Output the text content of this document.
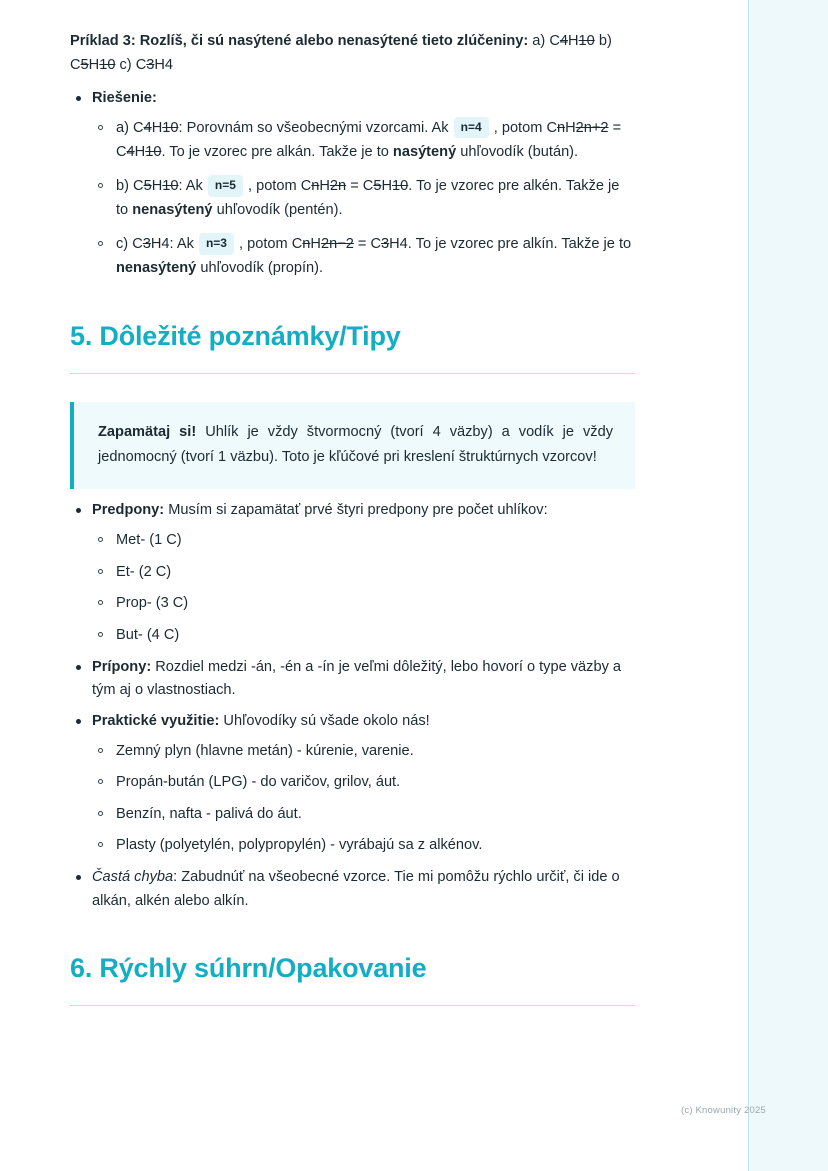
Príklad 3: Rozlíš, či sú nasýtené alebo nenasýtené tieto zlúčeniny: a) C4H10 b) C5H10 c) C3H4

Riešenie:
a) C4H10: Porovnám so všeobecnými vzorcami. Ak n=4 , potom CnH2n+2 = C4H10. To je vzorec pre alkán. Takže je to nasýtený uhľovodík (bután).
b) C5H10: Ak n=5 , potom CnH2n = C5H10. To je vzorec pre alkén. Takže je to nenasýtený uhľovodík (pentén).
c) C3H4: Ak n=3 , potom CnH2n−2 = C3H4. To je vzorec pre alkín. Takže je to nenasýtený uhľovodík (propín).
5. Dôležité poznámky/Tipy

Zapamätaj si! Uhlík je vždy štvormocný (tvorí 4 väzby) a vodík je vždy jednomocný (tvorí 1 väzbu). Toto je kľúčové pri kreslení štruktúrnych vzorcov!

Predpony: Musím si zapamätať prvé štyri predpony pre počet uhlíkov:
Met- (1 C)
Et- (2 C)
Prop- (3 C)
But- (4 C)
Prípony: Rozdiel medzi -án, -én a -ín je veľmi dôležitý, lebo hovorí o type väzby a tým aj o vlastnostiach.
Praktické využitie: Uhľovodíky sú všade okolo nás!
Zemný plyn (hlavne metán) - kúrenie, varenie.
Propán-bután (LPG) - do varičov, grilov, áut.
Benzín, nafta - palivá do áut.
Plasty (polyetylén, polypropylén) - vyrábajú sa z alkénov.
Častá chyba: Zabudnúť na všeobecné vzorce. Tie mi pomôžu rýchlo určiť, či ide o alkán, alkén alebo alkín.
6. Rýchly súhrn/Opakovanie
(c) Knowunity 2025
